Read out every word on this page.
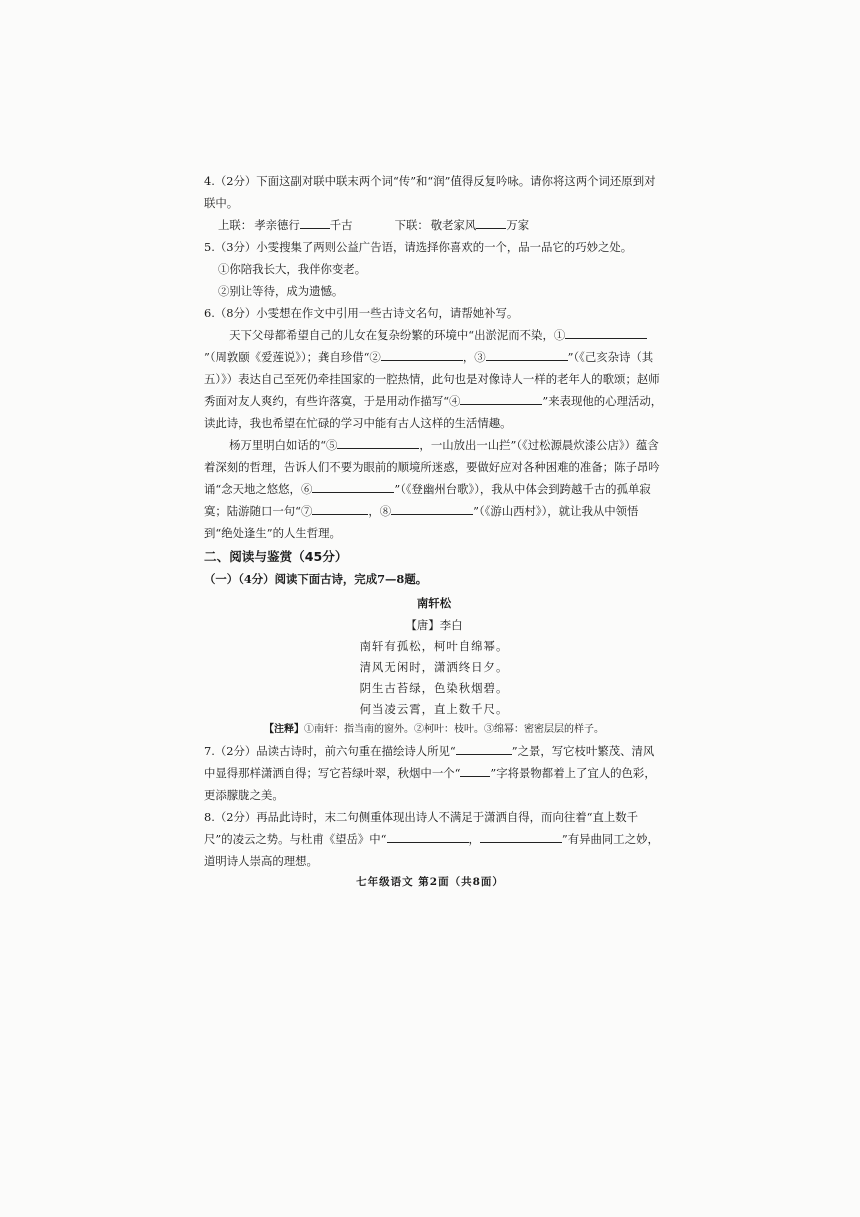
4.（2分）下面这副对联中联末两个词“传”和“润”值得反复吟咏。请你将这两个词还原到对联中。

上联： 孝亲德行	千古	下联： 敬老家风	万家

5.（3分）小雯搜集了两则公益广告语，请选择你喜欢的一个，品一品它的巧妙之处。

①你陪我长大，我伴你变老。

②别让等待，成为遗憾。

6.（8分）小雯想在作文中引用一些古诗文名句，请帮她补写。

天下父母都希望自己的儿女在复杂纷繁的环境中“出淤泥而不染，①”（周敦颐《爱莲说》）；龚自珍借“②	，③	”（《己亥杂诗（其五）》）表达自己至死仍牵挂国家的一腔热情，此句也是对像诗人一样的老年人的歌颂；赵师秀面对友人爽约，有些许落寞，于是用动作描写“④	”来表现他的心理活动，读此诗，我也希望在忙碌的学习中能有古人这样的生活情趣。

杨万里明白如话的“⑤	，一山放出一山拦”（《过松源晨炊漆公店》）蕴含着深刻的哲理，告诉人们不要为眼前的顺境所迷惑，要做好应对各种困难的准备；陈子昂吟诵“念天地之悠悠，⑥	”（《登幽州台歌》），我从中体会到跨越千古的孤单寂寞；陆游随口一句“⑦	，⑧	”（《游山西村》），就让我从中领悟到“绝处逢生”的人生哲理。

二、阅读与鉴赏（45分）

（一）（4分）阅读下面古诗，完成7—8题。

南轩松

【唐】李白

南轩有孤松，柯叶自绵幂。

清风无闲时，潇洒终日夕。

阴生古苔绿，色染秋烟碧。

何当凌云霄，直上数千尺。

【注释】①南轩：指当南的窗外。②柯叶：枝叶。③绵幂：密密层层的样子。

7.（2分）品读古诗时，前六句重在描绘诗人所见“	”之景，写它枝叶繁茂、清风中显得那样潇洒自得；写它苔绿叶翠，秋烟中一个“	”字将景物都着上了宜人的色彩，更添朦胧之美。

8.（2分）再品此诗时，末二句侧重体现出诗人不满足于潇洒自得，而向往着“直上数千尺”的凌云之势。与杜甫《望岳》中“	，	”有异曲同工之妙，道明诗人崇高的理想。

七年级语文 第2面（共8面）
